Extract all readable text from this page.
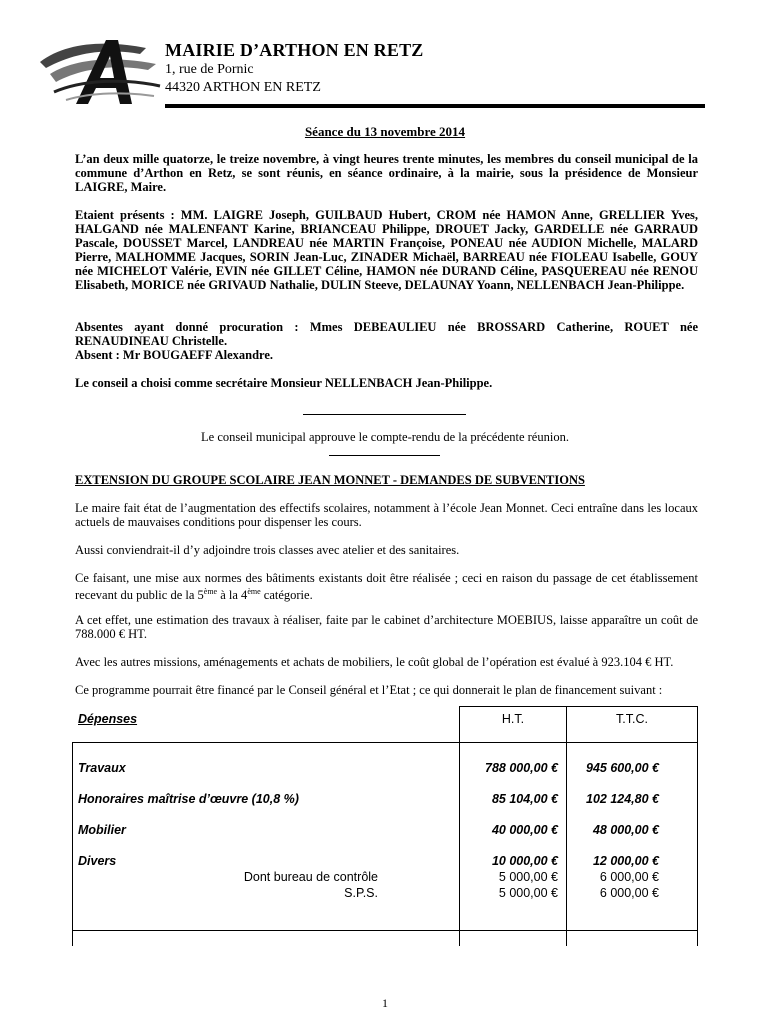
MAIRIE D’ARTHON EN RETZ
1, rue de Pornic
44320 ARTHON EN RETZ
Séance du 13 novembre 2014
L’an deux mille quatorze, le treize novembre, à vingt heures trente minutes, les membres du conseil municipal de la commune d’Arthon en Retz, se sont réunis, en séance ordinaire, à la mairie, sous la présidence de Monsieur LAIGRE, Maire.
Etaient présents : MM. LAIGRE Joseph, GUILBAUD Hubert, CROM née HAMON Anne, GRELLIER Yves, HALGAND née MALENFANT Karine, BRIANCEAU Philippe, DROUET Jacky, GARDELLE née GARRAUD Pascale, DOUSSET Marcel, LANDREAU née MARTIN Françoise, PONEAU née AUDION Michelle, MALARD Pierre, MALHOMME Jacques, SORIN Jean-Luc, ZINADER Michaël, BARREAU née FIOLEAU Isabelle, GOUY née MICHELOT Valérie, EVIN née GILLET Céline, HAMON née DURAND Céline, PASQUEREAU née RENOU Elisabeth, MORICE née GRIVAUD Nathalie, DULIN Steeve, DELAUNAY Yoann, NELLENBACH Jean-Philippe.
Absentes ayant donné procuration : Mmes DEBEAULIEU née BROSSARD Catherine, ROUET née RENAUDINEAU Christelle.
Absent : Mr BOUGAEFF Alexandre.
Le conseil a choisi comme secrétaire Monsieur NELLENBACH Jean-Philippe.
Le conseil municipal approuve le compte-rendu de la précédente réunion.
EXTENSION DU GROUPE SCOLAIRE JEAN MONNET - DEMANDES DE SUBVENTIONS
Le maire fait état de l’augmentation des effectifs scolaires, notamment à l’école Jean Monnet. Ceci entraîne dans les locaux actuels de mauvaises conditions pour dispenser les cours.
Aussi conviendrait-il d’y adjoindre trois classes avec atelier et des sanitaires.
Ce faisant, une mise aux normes des bâtiments existants doit être réalisée ; ceci en raison du passage de cet établissement recevant du public de la 5ème à la 4ème catégorie.
A cet effet, une estimation des travaux à réaliser, faite par le cabinet d’architecture MOEBIUS, laisse apparaître un coût de 788.000 € HT.
Avec les autres missions, aménagements et achats de mobiliers, le coût global de l’opération est évalué à 923.104 € HT.
Ce programme pourrait être financé par le Conseil général et l’Etat ; ce qui donnerait le plan de financement suivant :
Dépenses	H.T.	T.T.C.
Travaux	788 000,00 €	945 600,00 €
Honoraires maîtrise d’œuvre (10,8 %)	85 104,00 €	102 124,80 €
Mobilier	40 000,00 €	48 000,00 €
Divers	10 000,00 €	12 000,00 €
Dont bureau de contrôle	5 000,00 €	6 000,00 €
S.P.S.	5 000,00 €	6 000,00 €
1
